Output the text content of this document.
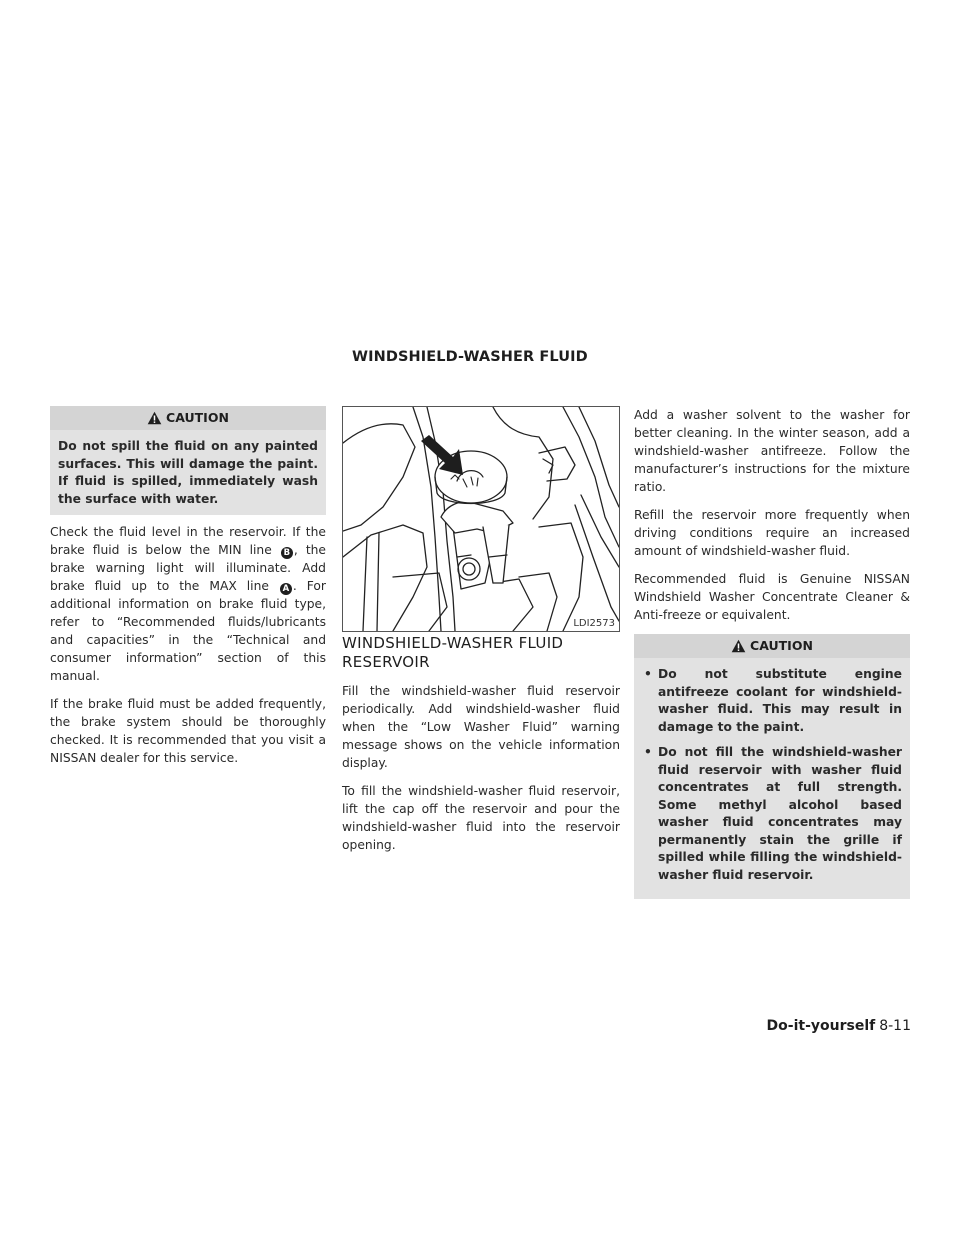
WINDSHIELD-WASHER FLUID
CAUTION
Do not spill the fluid on any painted surfaces. This will damage the paint. If fluid is spilled, immediately wash the surface with water.

Check the fluid level in the reservoir. If the brake fluid is below the MIN line B , the brake warning light will illuminate. Add brake fluid up to the MAX line A . For additional information on brake fluid type, refer to “Recommended fluids/lubricants and capacities” in the “Technical and consumer information” section of this manual.

If the brake fluid must be added frequently, the brake system should be thoroughly checked. It is recommended that you visit a NISSAN dealer for this service.

LDI2573
WINDSHIELD-WASHER FLUID RESERVOIR

Fill the windshield-washer fluid reservoir periodically. Add windshield-washer fluid when the “Low Washer Fluid” warning message shows on the vehicle information display.

To fill the windshield-washer fluid reservoir, lift the cap off the reservoir and pour the windshield-washer fluid into the reservoir opening.

Add a washer solvent to the washer for better cleaning. In the winter season, add a windshield-washer antifreeze. Follow the manufacturer’s instructions for the mixture ratio.

Refill the reservoir more frequently when driving conditions require an increased amount of windshield-washer fluid.

Recommended fluid is Genuine NISSAN Windshield Washer Concentrate Cleaner & Anti-freeze or equivalent.

CAUTION
• Do not substitute engine antifreeze coolant for windshield-washer fluid. This may result in damage to the paint.
• Do not fill the windshield-washer fluid reservoir with washer fluid concentrates at full strength. Some methyl alcohol based washer fluid concentrates may permanently stain the grille if spilled while filling the windshield-washer fluid reservoir.
Do-it-yourself 8-11
